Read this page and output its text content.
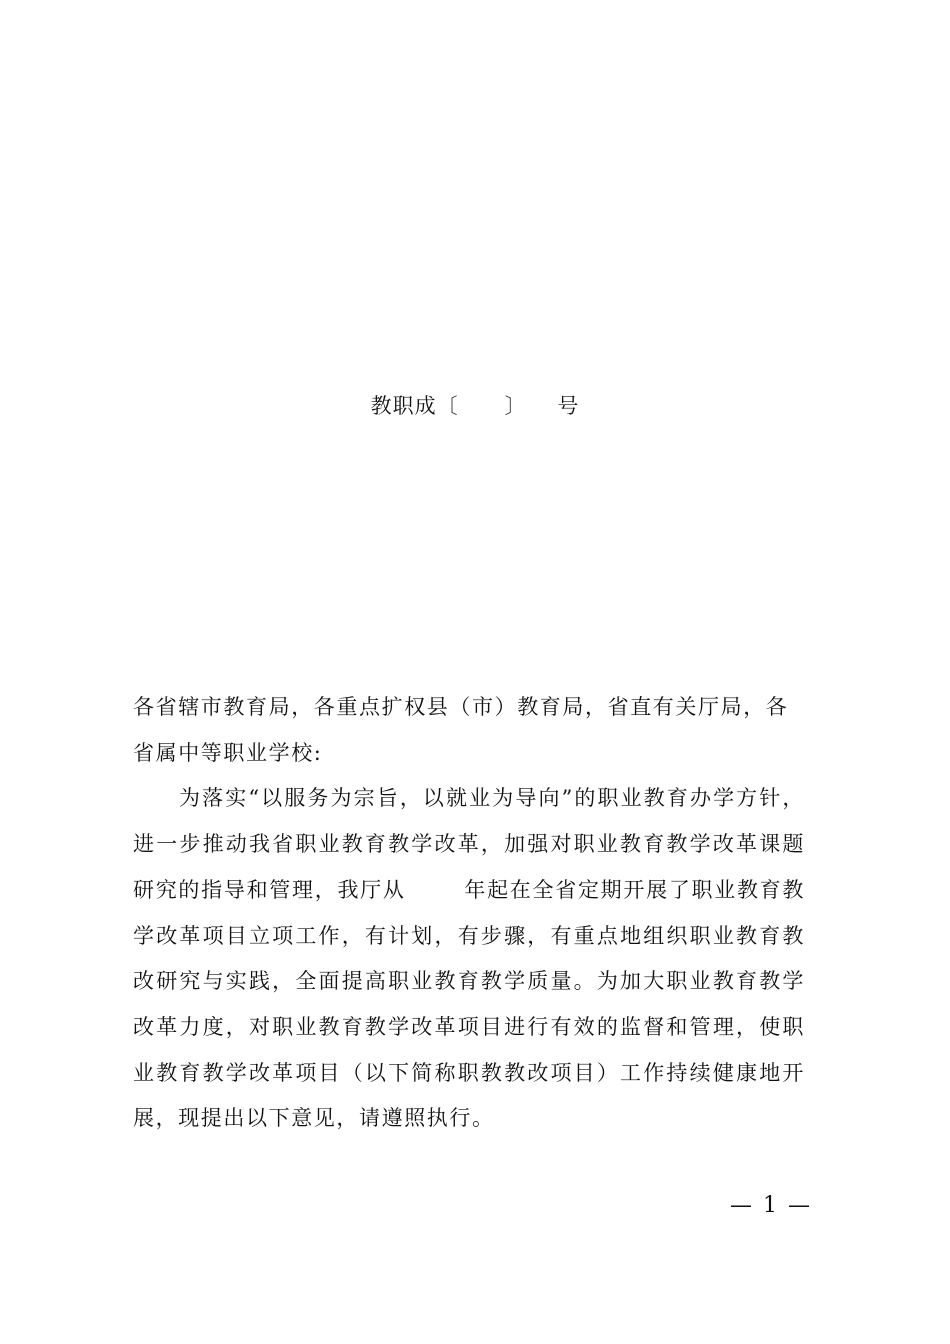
教职成〔      〕    号

各省辖市教育局，各重点扩权县（市）教育局，省直有关厅局，各省属中等职业学校:

为落实“以服务为宗旨，以就业为导向”的职业教育办学方针，进一步推动我省职业教育教学改革，加强对职业教育教学改革课题研究的指导和管理，我厅从       年起在全省定期开展了职业教育教学改革项目立项工作，有计划，有步骤，有重点地组织职业教育教改研究与实践，全面提高职业教育教学质量。为加大职业教育教学改革力度，对职业教育教学改革项目进行有效的监督和管理，使职业教育教学改革项目（以下简称职教教改项目）工作持续健康地开展，现提出以下意见，请遵照执行。

— 1 —
